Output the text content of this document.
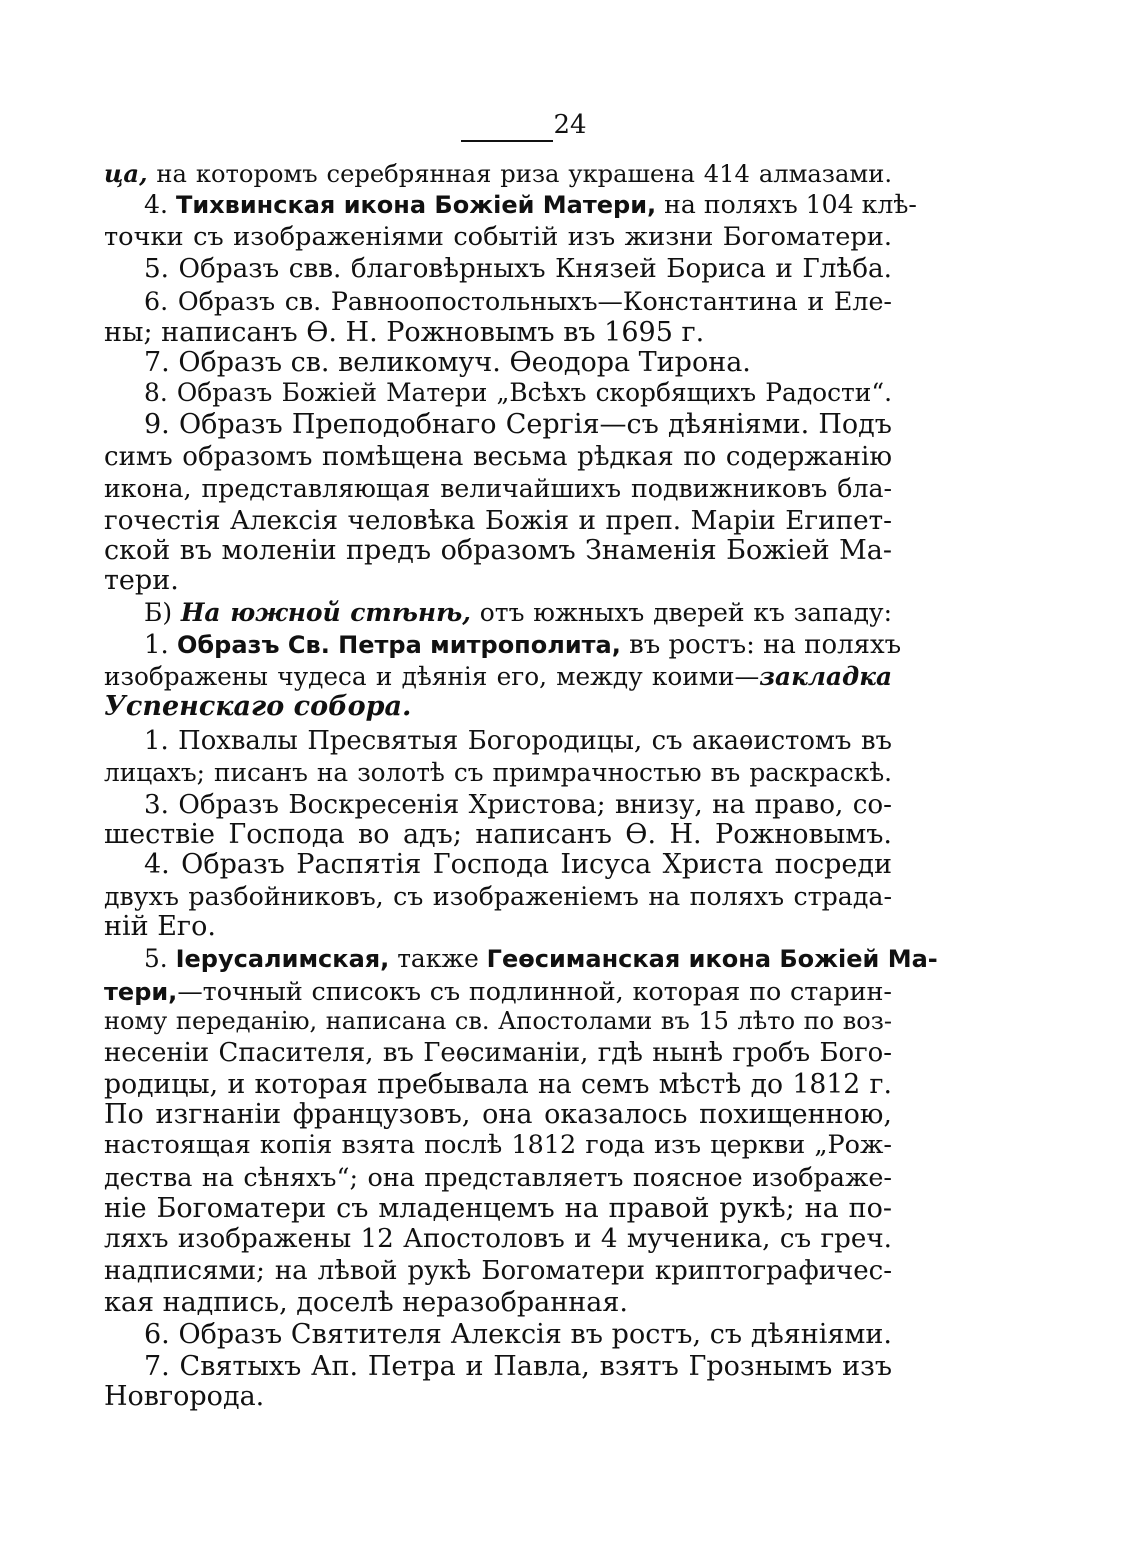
24
ца, на которомъ серебрянная риза украшена 414 алмазами.
4. Тихвинская икона Божіей Матери, на поляхъ 104 клѣ-
точки съ изображеніями событій изъ жизни Богоматери.
5. Образъ свв. благовѣрныхъ Князей Бориса и Глѣба.
6. Образъ св. Равноопостольныхъ—Константина и Еле-
ны; написанъ Ѳ. Н. Рожновымъ въ 1695 г.
7. Образъ св. великомуч. Ѳеодора Тирона.
8. Образъ Божіей Матери „Всѣхъ скорбящихъ Радости“.
9. Образъ Преподобнаго Сергія—съ дѣяніями. Подъ
симъ образомъ помѣщена весьма рѣдкая по содержанію
икона, представляющая величайшихъ подвижниковъ бла-
гочестія Алексія человѣка Божія и преп. Маріи Египет-
ской въ моленіи предъ образомъ Знаменія Божіей Ма-
тери.
Б) На южной стѣнѣ, отъ южныхъ дверей къ западу:
1. Образъ Св. Петра митрополита, въ ростъ: на поляхъ
изображены чудеса и дѣянія его, между коими—закладка
Успенскаго собора.
1. Похвалы Пресвятыя Богородицы, съ акаѳистомъ въ
лицахъ; писанъ на золотѣ съ примрачностью въ раскраскѣ.
3. Образъ Воскресенія Христова; внизу, на право, со-
шествіе Господа во адъ; написанъ Ѳ. Н. Рожновымъ.
4. Образъ Распятія Господа Іисуса Христа посреди
двухъ разбойниковъ, съ изображеніемъ на поляхъ страда-
ній Его.
5. Іерусалимская, также Геѳсиманская икона Божіей Ма-
тери,—точный списокъ съ подлинной, которая по старин-
ному переданію, написана св. Апостолами въ 15 лѣто по воз-
несеніи Спасителя, въ Геѳсиманіи, гдѣ нынѣ гробъ Бого-
родицы, и которая пребывала на семъ мѣстѣ до 1812 г.
По изгнаніи французовъ, она оказалось похищенною,
настоящая копія взята послѣ 1812 года изъ церкви „Рож-
дества на сѣняхъ“; она представляетъ поясное изображе-
ніе Богоматери съ младенцемъ на правой рукѣ; на по-
ляхъ изображены 12 Апостоловъ и 4 мученика, съ греч.
надписями; на лѣвой рукѣ Богоматери криптографичес-
кая надпись, доселѣ неразобранная.
6. Образъ Святителя Алексія въ ростъ, съ дѣяніями.
7. Святыхъ Ап. Петра и Павла, взятъ Грознымъ изъ
Новгорода.
